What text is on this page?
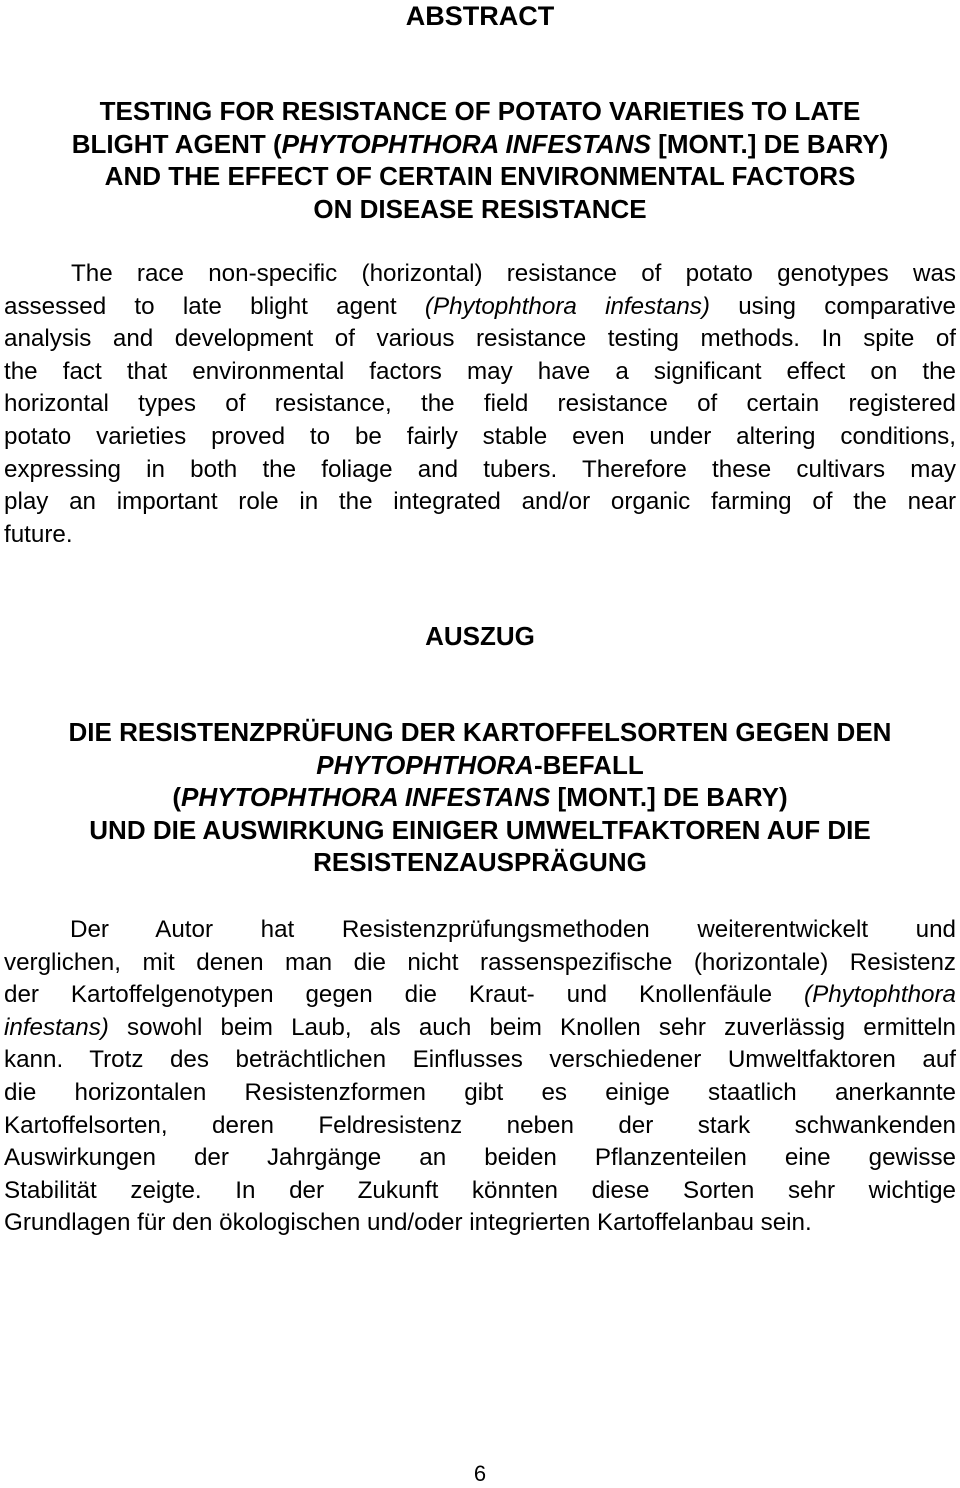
ABSTRACT
TESTING FOR RESISTANCE OF POTATO VARIETIES TO LATE
BLIGHT AGENT (PHYTOPHTHORA INFESTANS [MONT.] DE BARY)
AND THE EFFECT OF CERTAIN ENVIRONMENTAL FACTORS
ON DISEASE RESISTANCE
The race non-specific (horizontal) resistance of potato genotypes was
assessed to late blight agent (Phytophthora infestans) using comparative
analysis and development of various resistance testing methods. In spite of
the fact that environmental factors may have a significant effect on the
horizontal types of resistance, the field resistance of certain registered
potato varieties proved to be fairly stable even under altering conditions,
expressing in both the foliage and tubers. Therefore these cultivars may
play an important role in the integrated and/or organic farming of the near
future.
AUSZUG
DIE RESISTENZPRÜFUNG DER KARTOFFELSORTEN GEGEN DEN
PHYTOPHTHORA-BEFALL
(PHYTOPHTHORA INFESTANS [MONT.] DE BARY)
UND DIE AUSWIRKUNG EINIGER UMWELTFAKTOREN AUF DIE
RESISTENZAUSPRÄGUNG
Der Autor hat Resistenzprüfungsmethoden weiterentwickelt und
verglichen, mit denen man die nicht rassenspezifische (horizontale) Resistenz
der Kartoffelgenotypen gegen die Kraut- und Knollenfäule (Phytophthora
infestans) sowohl beim Laub, als auch beim Knollen sehr zuverlässig ermitteln
kann. Trotz des beträchtlichen Einflusses verschiedener Umweltfaktoren auf
die horizontalen Resistenzformen gibt es einige staatlich anerkannte
Kartoffelsorten, deren Feldresistenz neben der stark schwankenden
Auswirkungen der Jahrgänge an beiden Pflanzenteilen eine gewisse
Stabilität zeigte. In der Zukunft könnten diese Sorten sehr wichtige
Grundlagen für den ökologischen und/oder integrierten Kartoffelanbau sein.
6
